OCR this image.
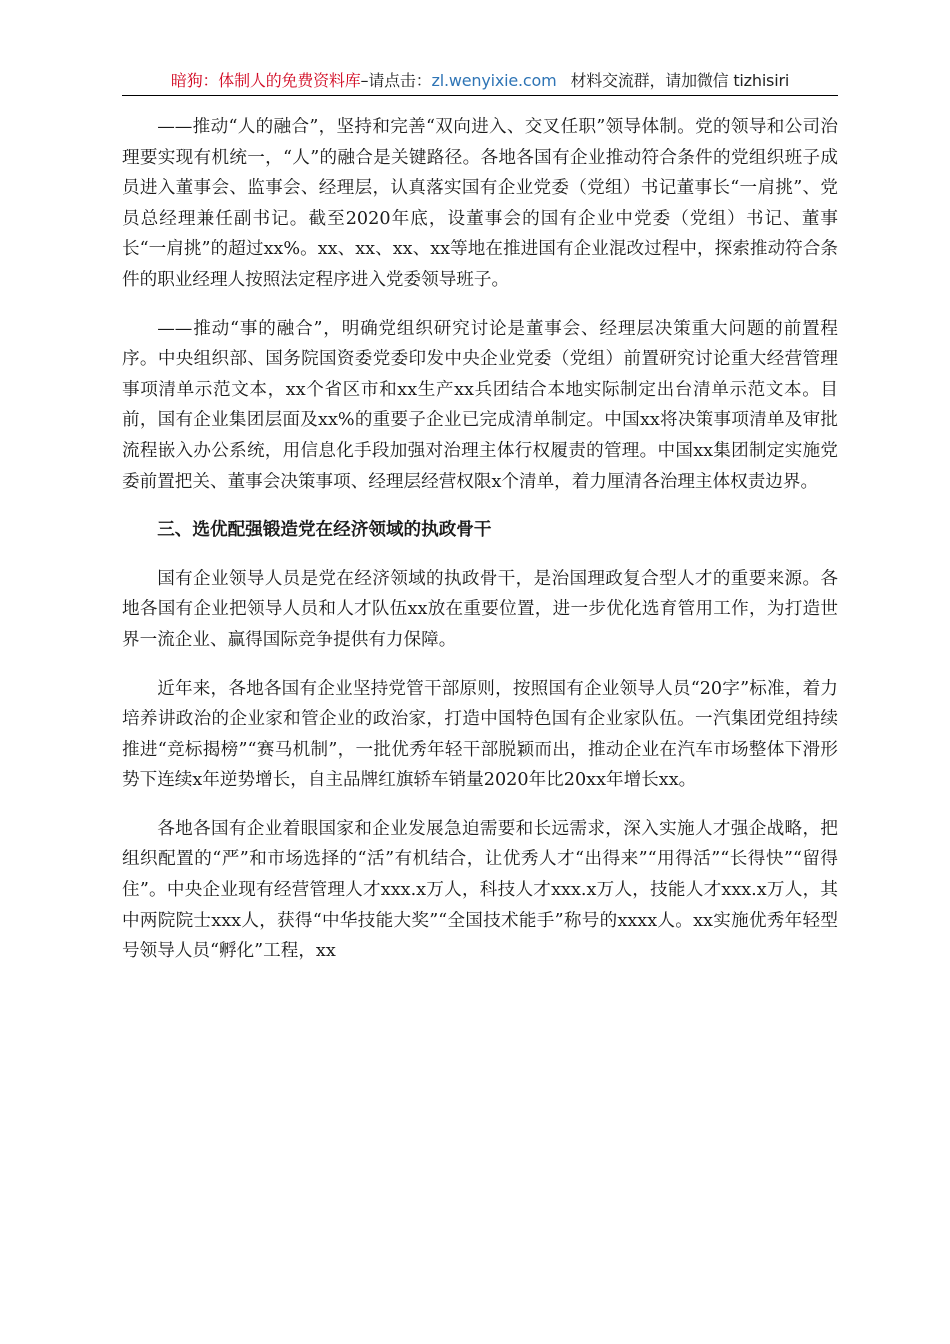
暗狗：体制人的免费资料库–请点击：zl.wenyixie.com 材料交流群，请加微信 tizhisiri

——推动“人的融合”，坚持和完善“双向进入、交叉任职”领导体制。党的领导和公司治理要实现有机统一，“人”的融合是关键路径。各地各国有企业推动符合条件的党组织班子成员进入董事会、监事会、经理层，认真落实国有企业党委（党组）书记董事长“一肩挑”、党员总经理兼任副书记。截至2020年底，设董事会的国有企业中党委（党组）书记、董事长“一肩挑”的超过xx%。xx、xx、xx、xx等地在推进国有企业混改过程中，探索推动符合条件的职业经理人按照法定程序进入党委领导班子。

——推动“事的融合”，明确党组织研究讨论是董事会、经理层决策重大问题的前置程序。中央组织部、国务院国资委党委印发中央企业党委（党组）前置研究讨论重大经营管理事项清单示范文本，xx个省区市和xx生产xx兵团结合本地实际制定出台清单示范文本。目前，国有企业集团层面及xx%的重要子企业已完成清单制定。中国xx将决策事项清单及审批流程嵌入办公系统，用信息化手段加强对治理主体行权履责的管理。中国xx集团制定实施党委前置把关、董事会决策事项、经理层经营权限x个清单，着力厘清各治理主体权责边界。

三、选优配强锻造党在经济领域的执政骨干

国有企业领导人员是党在经济领域的执政骨干，是治国理政复合型人才的重要来源。各地各国有企业把领导人员和人才队伍xx放在重要位置，进一步优化选育管用工作，为打造世界一流企业、赢得国际竞争提供有力保障。

近年来，各地各国有企业坚持党管干部原则，按照国有企业领导人员“20字”标准，着力培养讲政治的企业家和管企业的政治家，打造中国特色国有企业家队伍。一汽集团党组持续推进“竞标揭榜”“赛马机制”，一批优秀年轻干部脱颖而出，推动企业在汽车市场整体下滑形势下连续x年逆势增长，自主品牌红旗轿车销量2020年比20xx年增长xx。

各地各国有企业着眼国家和企业发展急迫需要和长远需求，深入实施人才强企战略，把组织配置的“严”和市场选择的“活”有机结合，让优秀人才“出得来”“用得活”“长得快”“留得住”。中央企业现有经营管理人才xxx.x万人，科技人才xxx.x万人，技能人才xxx.x万人，其中两院院士xxx人，获得“中华技能大奖”“全国技术能手”称号的xxxx人。xx实施优秀年轻型号领导人员“孵化”工程，xx
